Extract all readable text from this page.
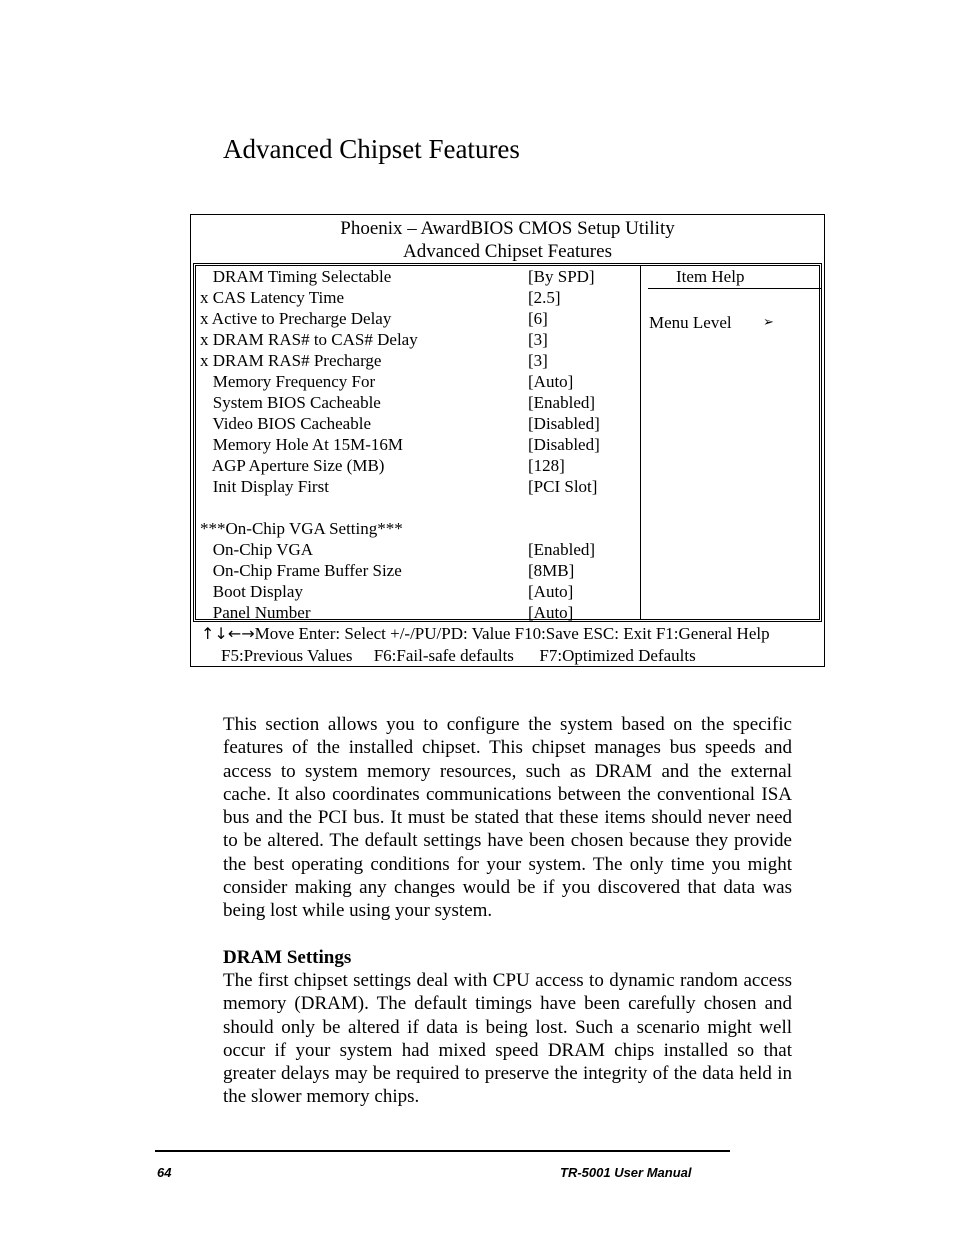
Advanced Chipset Features
Phoenix – AwardBIOS CMOS Setup Utility
Advanced Chipset Features
DRAM Timing Selectable	[By SPD]
x CAS Latency Time	[2.5]
x Active to Precharge Delay	[6]
x DRAM RAS# to CAS# Delay	[3]
x DRAM RAS# Precharge	[3]
Memory Frequency For	[Auto]
System BIOS Cacheable	[Enabled]
Video BIOS Cacheable	[Disabled]
Memory Hole At 15M-16M	[Disabled]
AGP Aperture Size (MB)	[128]
Init Display First	[PCI Slot]
***On-Chip VGA Setting***
On-Chip VGA	[Enabled]
On-Chip Frame Buffer Size	[8MB]
Boot Display	[Auto]
Panel Number	[Auto]
Item Help
Menu Level ➢
↑↓←→Move Enter: Select +/-/PU/PD: Value F10:Save ESC: Exit F1:General Help
F5:Previous Values     F6:Fail-safe defaults      F7:Optimized Defaults

This section allows you to configure the system based on the specific features of the installed chipset. This chipset manages bus speeds and access to system memory resources, such as DRAM and the external cache. It also coordinates communications between the conventional ISA bus and the PCI bus. It must be stated that these items should never need to be altered. The default settings have been chosen because they provide the best operating conditions for your system. The only time you might consider making any changes would be if you discovered that data was being lost while using your system.

DRAM Settings

The first chipset settings deal with CPU access to dynamic random access memory (DRAM). The default timings have been carefully chosen and should only be altered if data is being lost. Such a scenario might well occur if your system had mixed speed DRAM chips installed so that greater delays may be required to preserve the integrity of the data held in the slower memory chips.

64	TR-5001 User Manual
